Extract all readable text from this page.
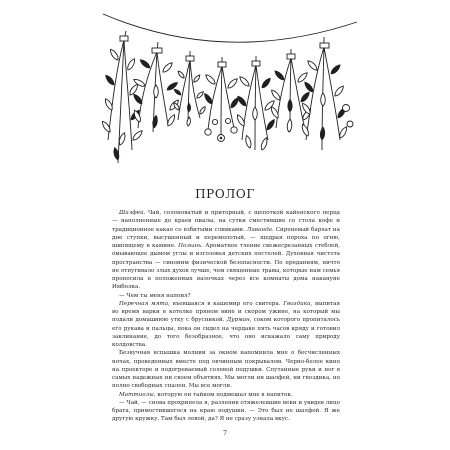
ПРОЛОГ

Шалфей. Чай, солоноватый и приторный, с щепоткой кайенского перца — наполненные до краев пиалы, на сутки сместившие со стола кофе и традиционное какао со взбитыми сливками. Лаванда. Сиреневый бархат на дне ступки, высушенный и перемолотый, — щедрая пороха по огню, шипящему в камине. Полынь. Ароматное тление свежесрезанных стеблей, омывающее дымом углы и изголовья детских постелей. Духовная чистота пространства — синоним физической безопасности. По преданиям, ничто не отпугивало злых духов лучше, чем священные травы, которые нам семья проносила в положенных валочках через все комнаты дома накануне Имболка.

— Чем ты меня напоил?

Перечная мята, въевшаяся в кашемир его свитера. Гвоздика, выпитая во время варки в котелке пряном вине и скором ужине, на который мы подали домашнюю утку с брусникой. Дурман, соком которого пропиталось его рукава и пальцы, пока он сидел на чердаке пять часов кряду и готовил заклинание, до того безобразное, что оно искажало саму природу колдовства.

Безвучная вспышка молнии за окном напомнила мне о бесчисленных ночах, проведенных вместе под овчинным покрывалом. Черно-белое кино на проекторе и подогреваемый солевой подушки. Спутанные руки и ног в самых надежных ни своем объятиях. Мы могли ни шалфей, ни гвоздика, но полно свободных спален. Мы все могли.

Маттиолы, которую он тайком подмешал мне в напиток.

— Чай, — снова прохрипела я, разлепив отяжелевшие веки и увидев лицо брата, примостившегося на краю подушки. — Это был не шалфей. Я же другую кружку. Там был левой, да? Я не сразу узнала вкус.

7
